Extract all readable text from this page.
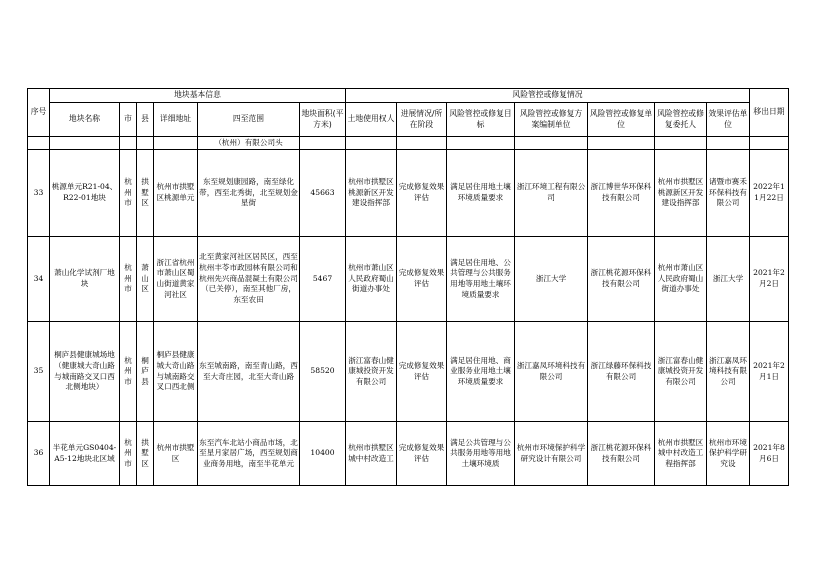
序号	地块基本信息						风险管控或修复情况							移出日期
	地块名称	市	县	详细地址	四至范围	地块面积(平方米)	土地使用权人	进展情况/所在阶段	风险管控或修复目标	风险管控或修复方案编制单位	风险管控或修复单位	风险管控或修复委托人	效果评估单位	
					（杭州）有限公司头									
33	桃源单元R21-04、R22-01地块	杭州市	拱墅区	杭州市拱墅区桃源单元	东至规划康园路，南至绿化带，西至北秀街，北至规划金星街	45663	杭州市拱墅区桃源新区开发建设指挥部	完成修复效果评估	满足居住用地土壤环境质量要求	浙江环境工程有限公司	浙江博世华环保科技有限公司	杭州市拱墅区桃源新区开发建设指挥部	诸暨市赛禾环保科技有限公司	2022年11月22日
34	萧山化学试剂厂地块	杭州市	萧山区	浙江省杭州市萧山区蜀山街道黄家河社区	北至黄家河社区居民区，西至杭州丰苓市政园林有限公司和杭州先兴商品混凝土有限公司（已关停），南至其他厂房，东至农田	5467	杭州市萧山区人民政府蜀山街道办事处	完成修复效果评估	满足居住用地、公共管理与公共服务用地等用地土壤环境质量要求	浙江大学	浙江桃花源环保科技有限公司	杭州市萧山区人民政府蜀山街道办事处	浙江大学	2021年2月2日
35	桐庐县健康城场地（健康城大奇山路与城南路交叉口西北侧地块）	杭州市	桐庐县	桐庐县健康城大奇山路与城南路交叉口西北侧	东至城南路，南至青山路，西至大奇庄园，北至大奇山路	58520	浙江富春山健康城投资开发有限公司	完成修复效果评估	满足居住用地、商业服务业用地土壤环境质量要求	浙江嘉凤环境科技有限公司	浙江绿藤环保科技有限公司	浙江富春山健康城投资开发有限公司	浙江嘉凤环境科技有限公司	2021年2月1日
36	半花单元GS0404-A5-12地块北区域	杭州市	拱墅区	杭州市拱墅区	东至汽车北站小商品市场，北至星月家居广场，西至规划商业商务用地，南至半花单元	10400	杭州市拱墅区城中村改造工	完成修复效果评估	满足公共管理与公共服务用地等用地土壤环境质	杭州市环境保护科学研究设计有限公司	浙江桃花源环保科技有限公司	杭州市拱墅区城中村改造工程指挥部	杭州市环境保护科学研究设	2021年8月6日
